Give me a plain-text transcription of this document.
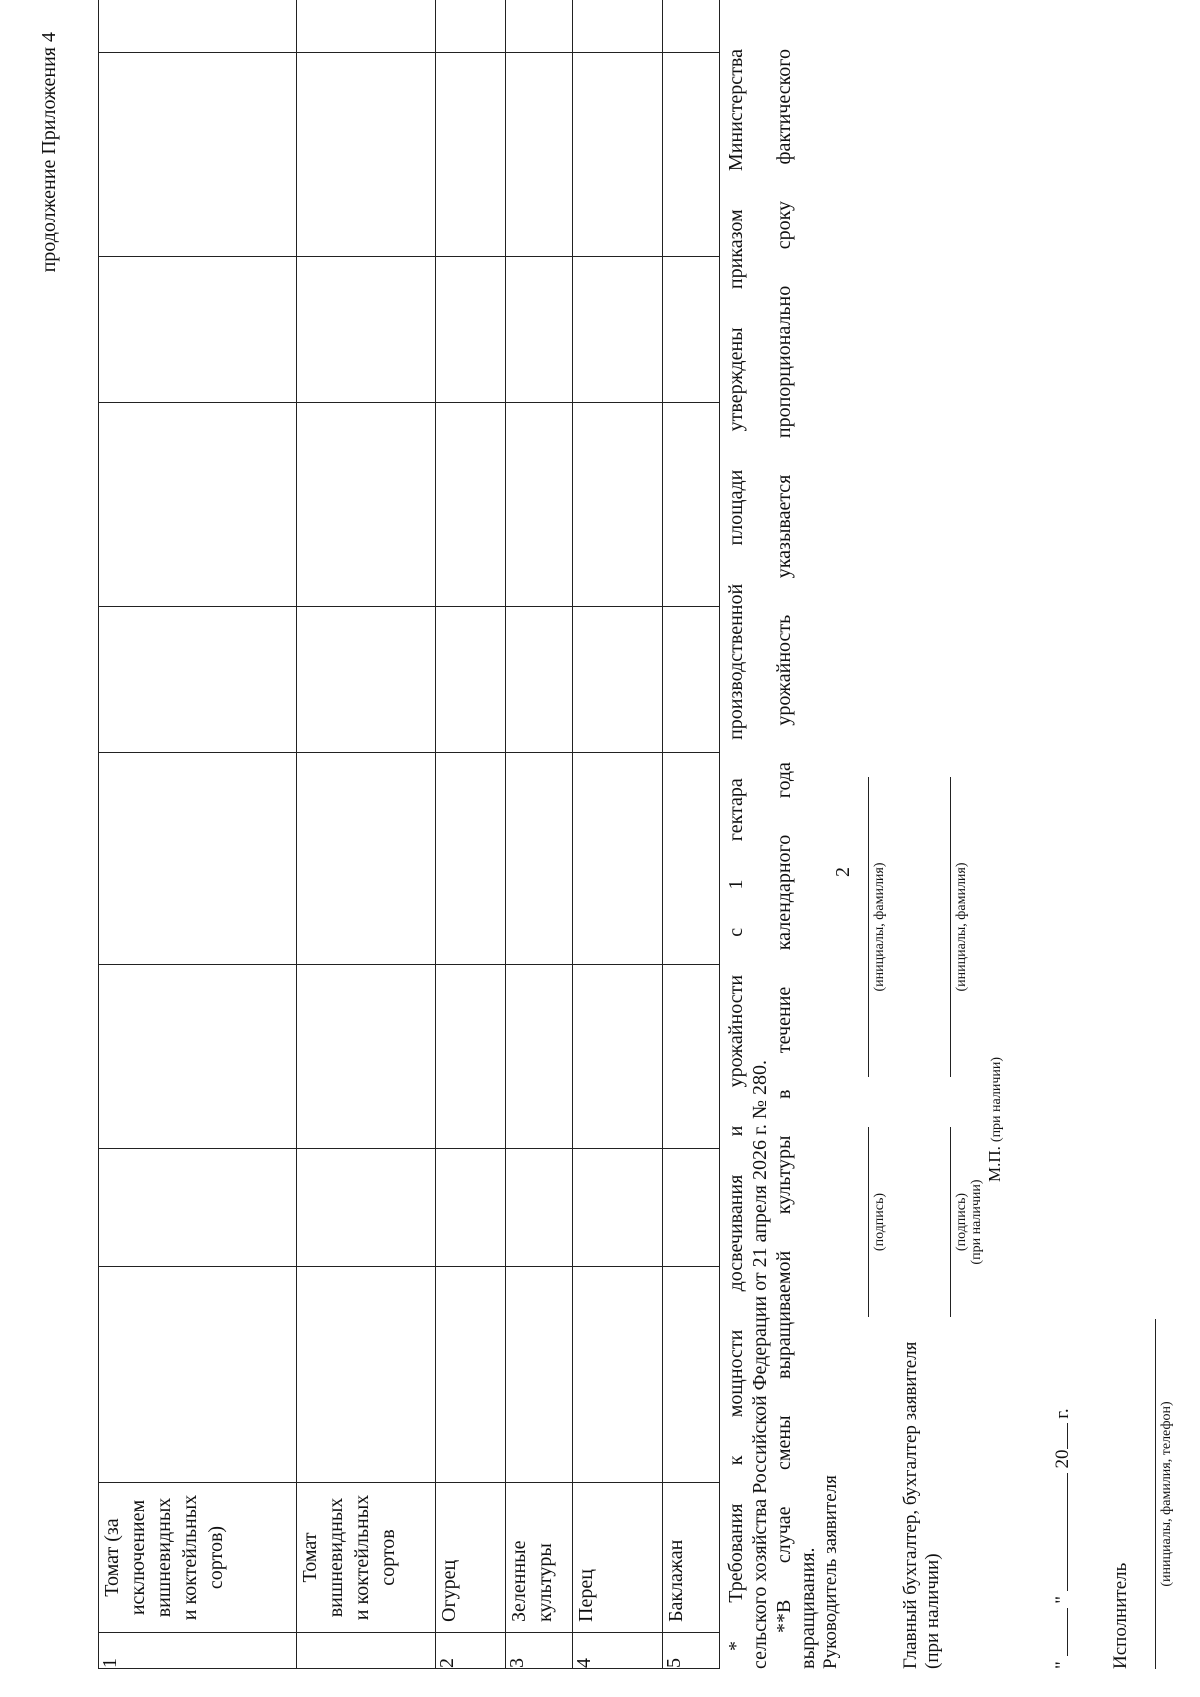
2
продолжение Приложения 4
1	Томат (за исключением вишневидных и коктейльных сортов)									

	Томат вишневидных и коктейльных сортов									

2	Огурец									

3	Зеленные культуры									

4	Перец									

5	Баклажан									
									* Требования к мощности досвечивания и урожайности с 1 гектара производственной площади утверждены приказом Министерства сельского хозяйства Российской Федерации от 21 апреля 2026 г. № 280. **В случае смены выращиваемой культуры в течение календарного года урожайность указывается пропорционально сроку фактического выращивания. Руководитель заявителя
(подпись)
(инициалы, фамилия)
Главный бухгалтер, бухгалтер заявителя (при наличии)
(подпись) (при наличии)
(инициалы, фамилия)
М.П. (при наличии)
"  "  20 г.
Исполнитель
(инициалы, фамилия, телефон)
